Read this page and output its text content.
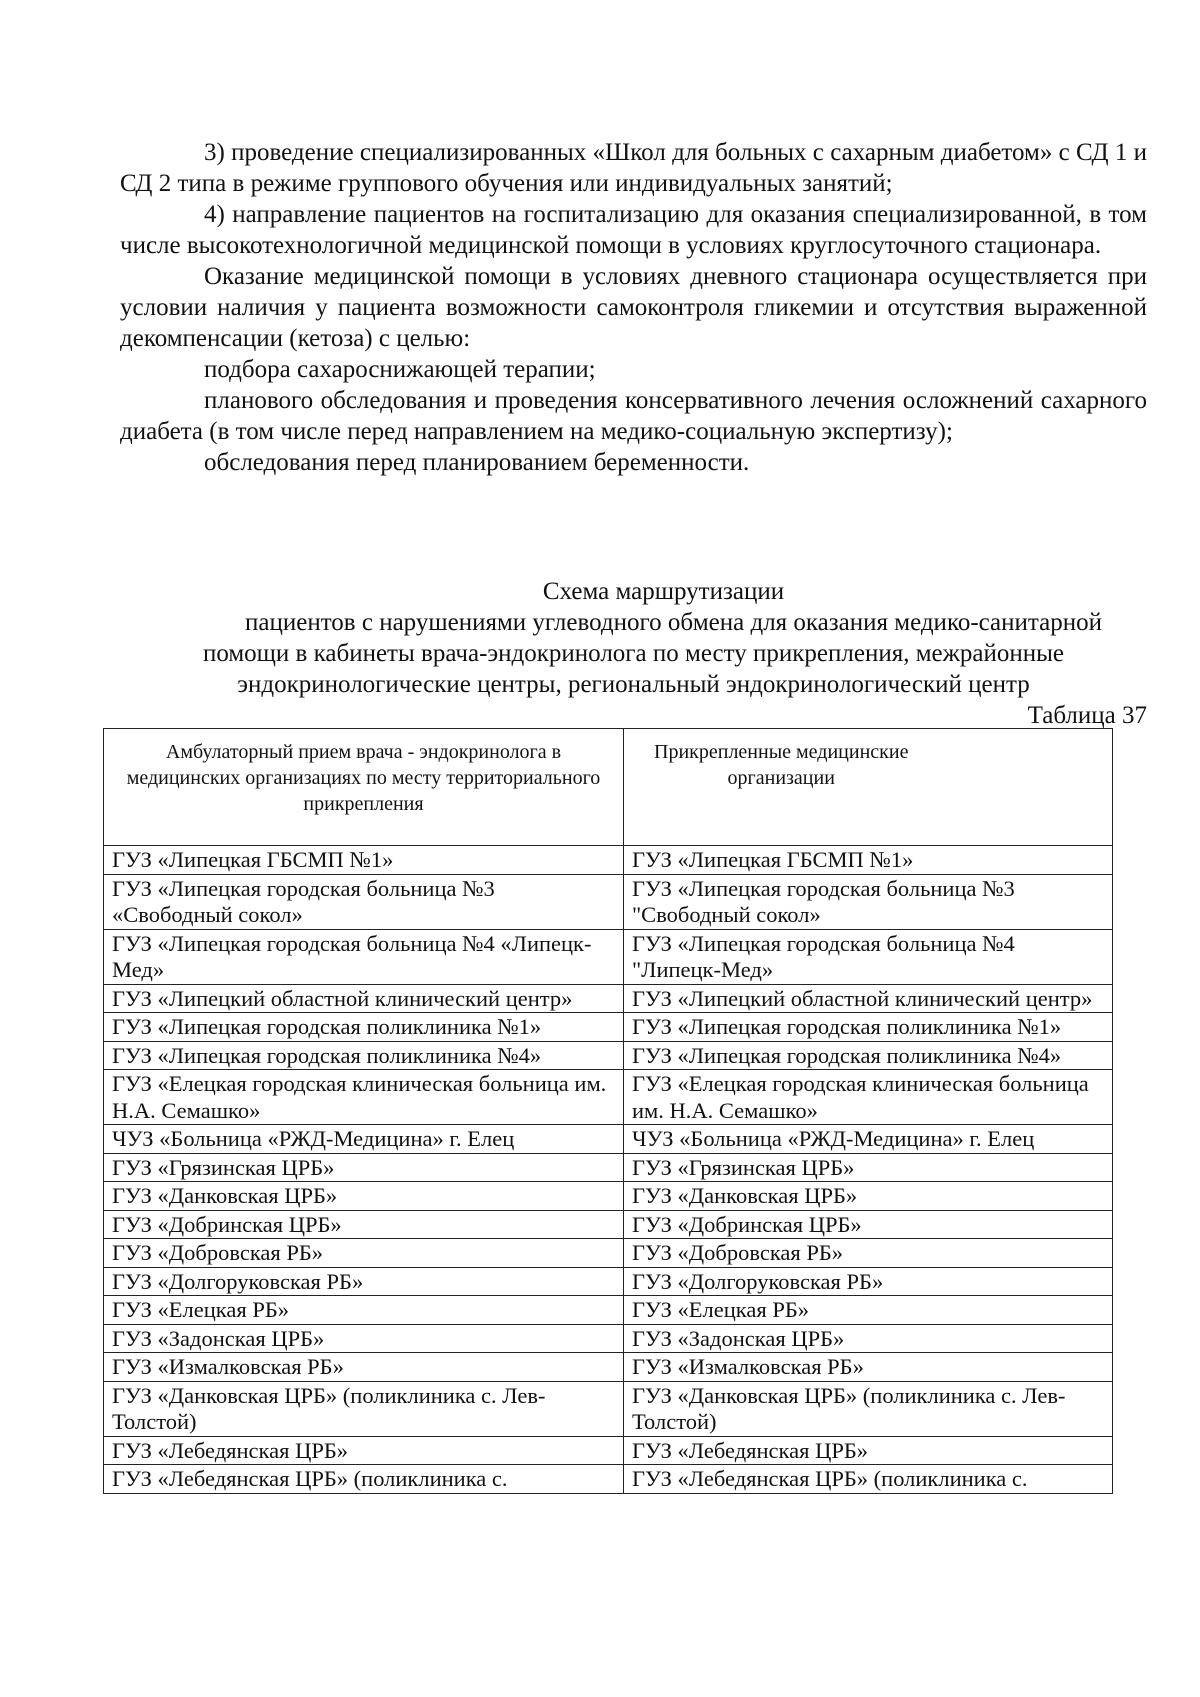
3) проведение специализированных «Школ для больных с сахарным диабетом» с СД 1 и СД 2 типа в режиме группового обучения или индивидуальных занятий;

4) направление пациентов на госпитализацию для оказания специализированной, в том числе высокотехнологичной медицинской помощи в условиях круглосуточного стационара.

Оказание медицинской помощи в условиях дневного стационара осуществляется при условии наличия у пациента возможности самоконтроля гликемии и отсутствия выраженной декомпенсации (кетоза) с целью:

подбора сахароснижающей терапии;

планового обследования и проведения консервативного лечения осложнений сахарного диабета (в том числе перед направлением на медико-социальную экспертизу);

обследования перед планированием беременности.

Схема маршрутизации

пациентов с нарушениями углеводного обмена для оказания медико-санитарной

помощи в кабинеты врача-эндокринолога по месту прикрепления, межрайонные

эндокринологические центры, региональный эндокринологический центр

Таблица 37
Амбулаторный прием врача - эндокринолога в медицинских организациях по месту территориального прикрепления	Прикрепленные медицинские
организации
ГУЗ «Липецкая ГБСМП №1»	ГУЗ «Липецкая ГБСМП №1»
ГУЗ «Липецкая городская больница №3 «Свободный сокол»	ГУЗ «Липецкая городская больница №3 "Свободный сокол»
ГУЗ «Липецкая городская больница №4 «Липецк-Мед»	ГУЗ «Липецкая городская больница №4 "Липецк-Мед»
ГУЗ «Липецкий областной клинический центр»	ГУЗ «Липецкий областной клинический центр»
ГУЗ «Липецкая городская поликлиника №1»	ГУЗ «Липецкая городская поликлиника №1»
ГУЗ «Липецкая городская поликлиника №4»	ГУЗ «Липецкая городская поликлиника №4»
ГУЗ «Елецкая городская клиническая больница им. Н.А. Семашко»	ГУЗ «Елецкая городская клиническая больница им. Н.А. Семашко»
ЧУЗ «Больница «РЖД-Медицина» г. Елец	ЧУЗ «Больница «РЖД-Медицина» г. Елец
ГУЗ «Грязинская ЦРБ»	ГУЗ «Грязинская ЦРБ»
ГУЗ «Данковская ЦРБ»	ГУЗ «Данковская ЦРБ»
ГУЗ «Добринская ЦРБ»	ГУЗ «Добринская ЦРБ»
ГУЗ «Добровская РБ»	ГУЗ «Добровская РБ»
ГУЗ «Долгоруковская РБ»	ГУЗ «Долгоруковская РБ»
ГУЗ «Елецкая РБ»	ГУЗ «Елецкая РБ»
ГУЗ «Задонская ЦРБ»	ГУЗ «Задонская ЦРБ»
ГУЗ «Измалковская РБ»	ГУЗ «Измалковская РБ»
ГУЗ «Данковская ЦРБ» (поликлиника с. Лев-Толстой)	ГУЗ «Данковская ЦРБ» (поликлиника с. Лев-Толстой)
ГУЗ «Лебедянская ЦРБ»	ГУЗ «Лебедянская ЦРБ»
ГУЗ «Лебедянская ЦРБ» (поликлиника с.	ГУЗ «Лебедянская ЦРБ» (поликлиника с.
